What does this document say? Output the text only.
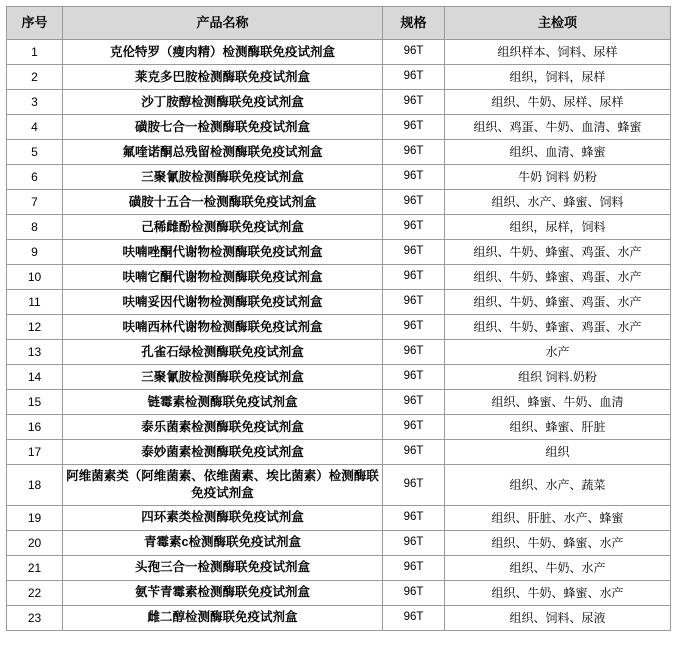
序号	产品名称	规格	主检项
1	克伦特罗（瘦肉精）检测酶联免疫试剂盒	96T	组织样本、饲料、尿样
2	莱克多巴胺检测酶联免疫试剂盒	96T	组织，饲料，尿样
3	沙丁胺醇检测酶联免疫试剂盒	96T	组织、牛奶、尿样、尿样
4	磺胺七合一检测酶联免疫试剂盒	96T	组织、鸡蛋、牛奶、血清、蜂蜜
5	氟喹诺酮总残留检测酶联免疫试剂盒	96T	组织、血清、蜂蜜
6	三聚氰胺检测酶联免疫试剂盒	96T	牛奶 饲料 奶粉
7	磺胺十五合一检测酶联免疫试剂盒	96T	组织、水产、蜂蜜、饲料
8	己稀雌酚检测酶联免疫试剂盒	96T	组织，尿样，饲料
9	呋喃唑酮代谢物检测酶联免疫试剂盒	96T	组织、牛奶、蜂蜜、鸡蛋、水产
10	呋喃它酮代谢物检测酶联免疫试剂盒	96T	组织、牛奶、蜂蜜、鸡蛋、水产
11	呋喃妥因代谢物检测酶联免疫试剂盒	96T	组织、牛奶、蜂蜜、鸡蛋、水产
12	呋喃西林代谢物检测酶联免疫试剂盒	96T	组织、牛奶、蜂蜜、鸡蛋、水产
13	孔雀石绿检测酶联免疫试剂盒	96T	水产
14	三聚氰胺检测酶联免疫试剂盒	96T	组织 饲料.奶粉
15	链霉素检测酶联免疫试剂盒	96T	组织、蜂蜜、牛奶、血清
16	泰乐菌素检测酶联免疫试剂盒	96T	组织、蜂蜜、肝脏
17	泰妙菌素检测酶联免疫试剂盒	96T	组织
18	阿维菌素类（阿维菌素、依维菌素、埃比菌素）检测酶联免疫试剂盒	96T	组织、水产、蔬菜
19	四环素类检测酶联免疫试剂盒	96T	组织、肝脏、水产、蜂蜜
20	青霉素c检测酶联免疫试剂盒	96T	组织、牛奶、蜂蜜、水产
21	头孢三合一检测酶联免疫试剂盒	96T	组织、牛奶、水产
22	氨苄青霉素检测酶联免疫试剂盒	96T	组织、牛奶、蜂蜜、水产
23	雌二醇检测酶联免疫试剂盒	96T	组织、饲料、尿液
